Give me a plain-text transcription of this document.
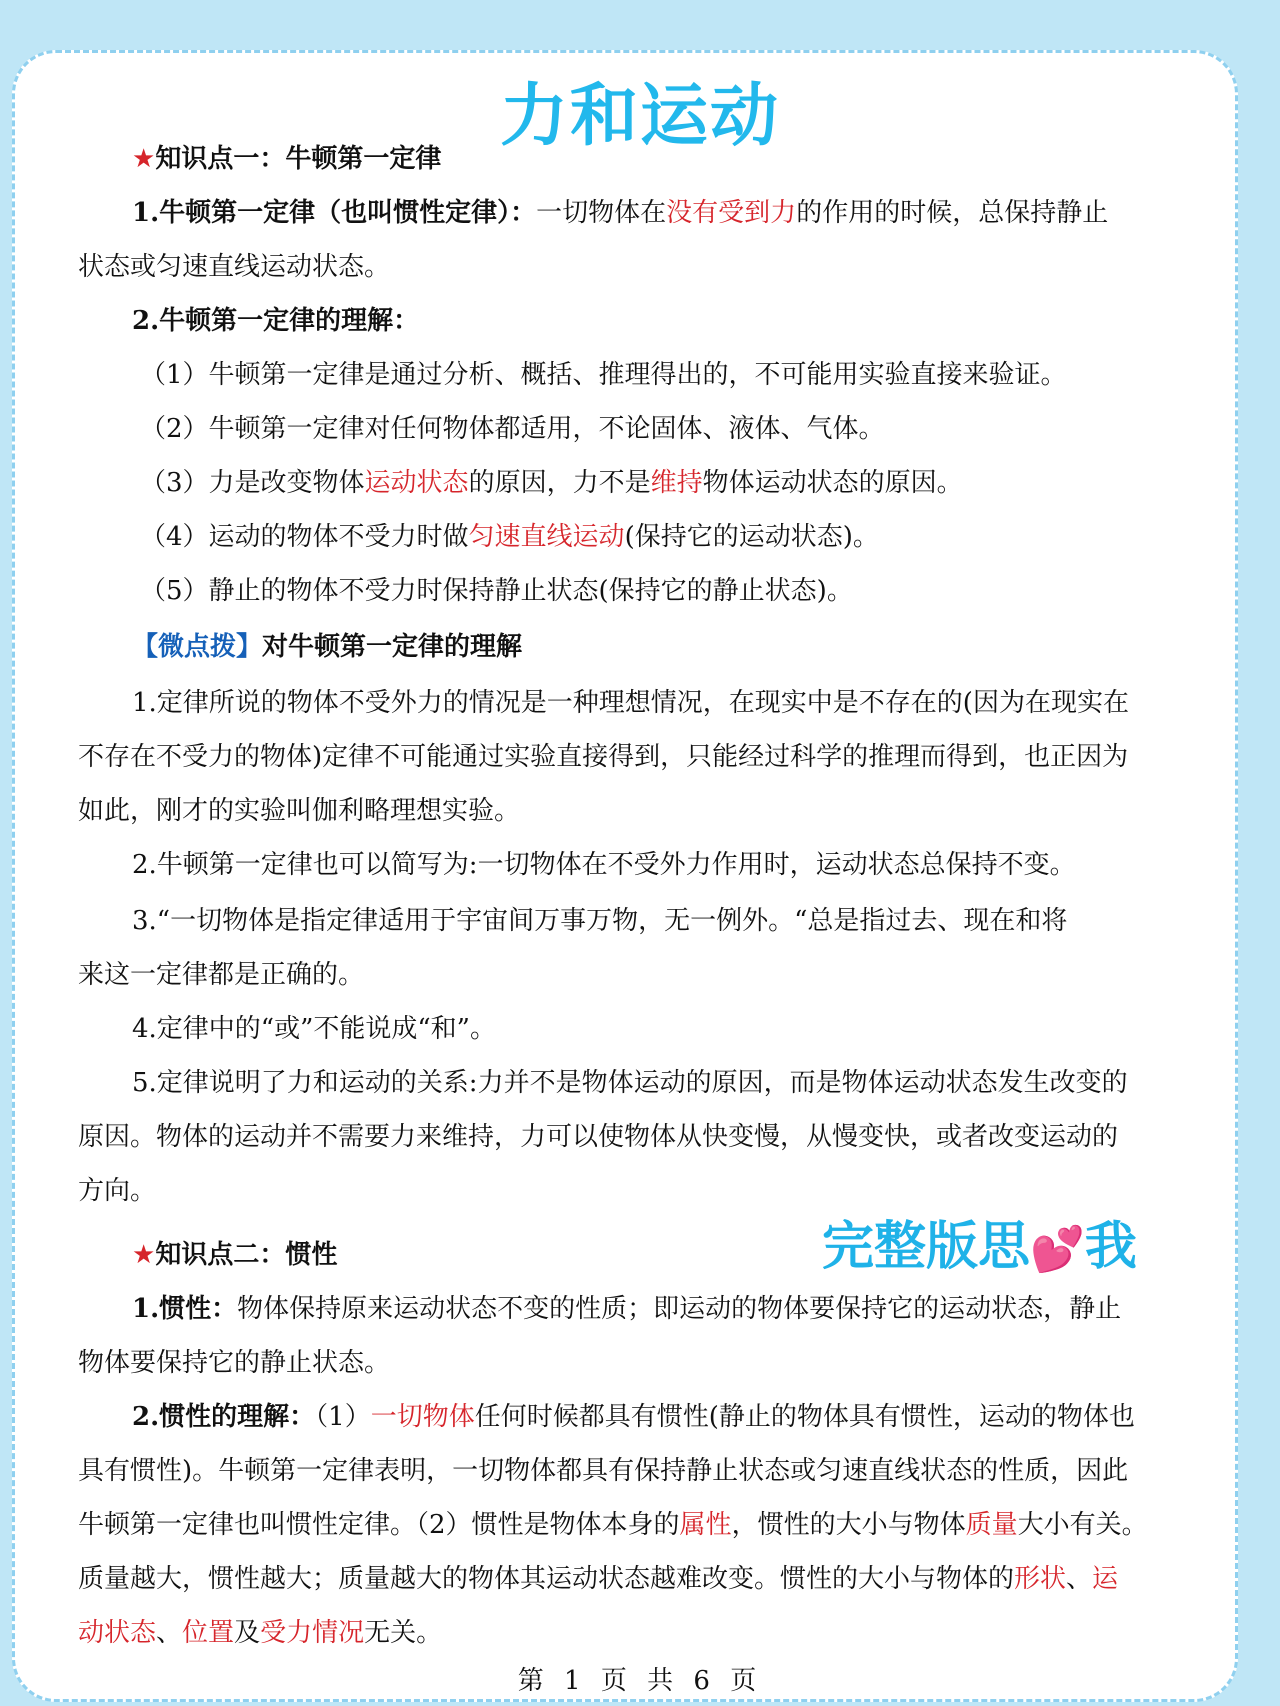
力和运动
★知识点一：牛顿第一定律
1.牛顿第一定律（也叫惯性定律）：一切物体在没有受到力的作用的时候，总保持静止
状态或匀速直线运动状态。
2.牛顿第一定律的理解：
（1）牛顿第一定律是通过分析、概括、推理得出的，不可能用实验直接来验证。
（2）牛顿第一定律对任何物体都适用，不论固体、液体、气体。
（3）力是改变物体运动状态的原因，力不是维持物体运动状态的原因。
（4）运动的物体不受力时做匀速直线运动(保持它的运动状态)。
（5）静止的物体不受力时保持静止状态(保持它的静止状态)。
【微点拨】对牛顿第一定律的理解
1.定律所说的物体不受外力的情况是一种理想情况，在现实中是不存在的(因为在现实在
不存在不受力的物体)定律不可能通过实验直接得到，只能经过科学的推理而得到，也正因为
如此，刚才的实验叫伽利略理想实验。
2.牛顿第一定律也可以简写为:一切物体在不受外力作用时，运动状态总保持不变。
3.“一切物体是指定律适用于宇宙间万事万物，无一例外。“总是指过去、现在和将
来这一定律都是正确的。
4.定律中的“或”不能说成“和”。
5.定律说明了力和运动的关系:力并不是物体运动的原因，而是物体运动状态发生改变的
原因。物体的运动并不需要力来维持，力可以使物体从快变慢，从慢变快，或者改变运动的
方向。
完整版思💕我
★知识点二：惯性
1.惯性：物体保持原来运动状态不变的性质；即运动的物体要保持它的运动状态，静止
物体要保持它的静止状态。
2.惯性的理解：（1）一切物体任何时候都具有惯性(静止的物体具有惯性，运动的物体也
具有惯性)。牛顿第一定律表明，一切物体都具有保持静止状态或匀速直线状态的性质，因此
牛顿第一定律也叫惯性定律。（2）惯性是物体本身的属性，惯性的大小与物体质量大小有关。
质量越大，惯性越大；质量越大的物体其运动状态越难改变。惯性的大小与物体的形状、运
动状态、位置及受力情况无关。
第 1 页 共 6 页
